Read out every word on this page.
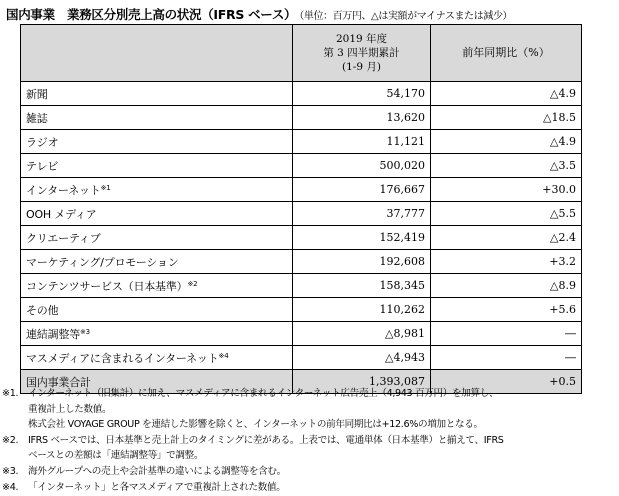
国内事業　業務区分別売上高の状況（IFRS ベース） （単位：百万円、△は実額がマイナスまたは減少）

	2019 年度
第 3 四半期累計
(1-9 月)	前年同期比（%）
新聞	54,170	△4.9
雑誌	13,620	△18.5
ラジオ	11,121	△4.9
テレビ	500,020	△3.5
インターネット$^{※1}$	176,667	+30.0
OOH メディア	37,777	△5.5
クリエーティブ	152,419	△2.4
マーケティング/プロモーション	192,608	+3.2
コンテンツサービス（日本基準）$^{※2}$	158,345	△8.9
その他	110,262	+5.6
連結調整等$^{※3}$	△8,981	―
マスメディアに含まれるインターネット$^{※4}$	△4,943	―
国内事業合計	1,393,087	+0.5
※1.	インターネット（旧集計）に加え、マスメディアに含まれるインターネット広告売上（4,943 百万円）を加算し、
重複計上した数値。
株式会社 VOYAGE GROUP を連結した影響を除くと、インターネットの前年同期比は+12.6%の増加となる。
※2.	IFRS ベースでは、日本基準と売上計上のタイミングに差がある。上表では、電通単体（日本基準）と揃えて、IFRS
ベースとの差額は「連結調整等」で調整。
※3.	海外グループへの売上や会計基準の違いによる調整等を含む。
※4.	「インターネット」と各マスメディアで重複計上された数値。
